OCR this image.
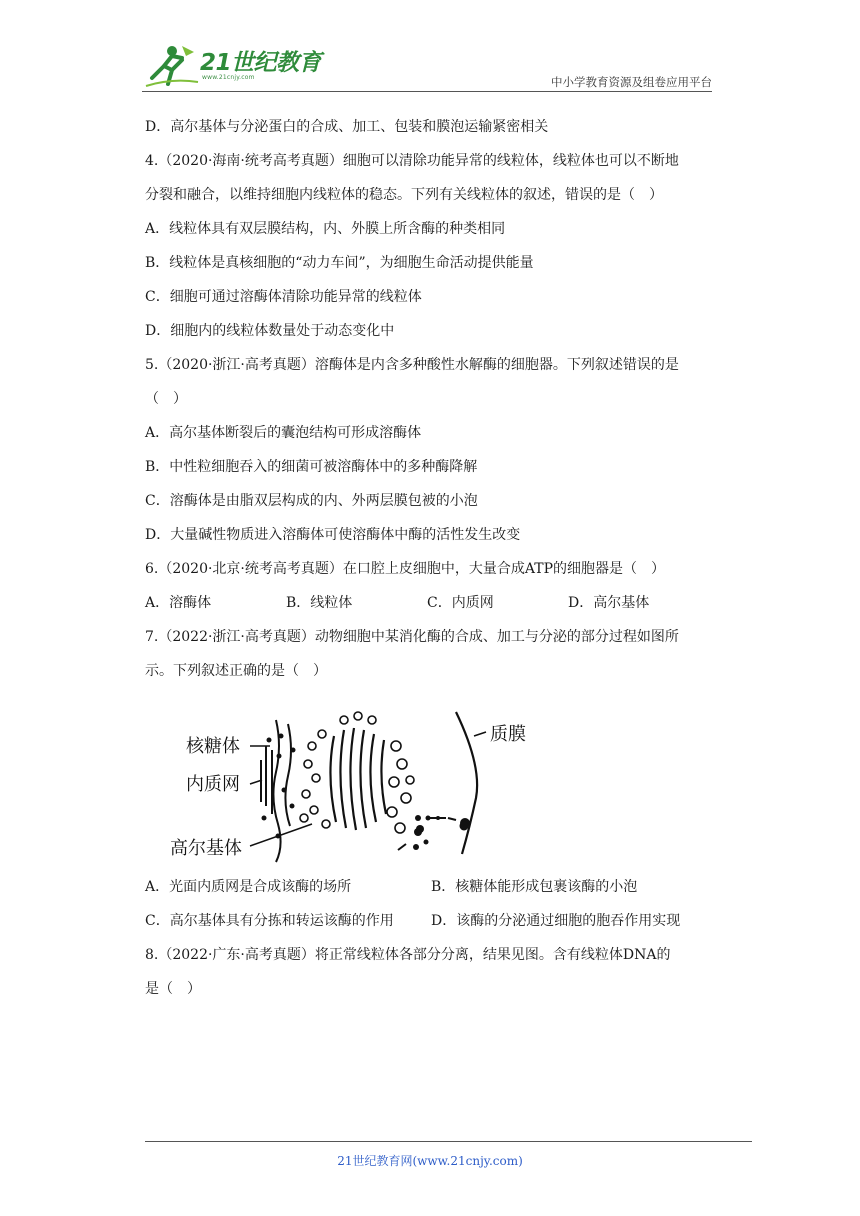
21世纪教育
www.21cnjy.com	中小学教育资源及组卷应用平台
D．高尔基体与分泌蛋白的合成、加工、包装和膜泡运输紧密相关
4.（2020·海南·统考高考真题）细胞可以清除功能异常的线粒体，线粒体也可以不断地
分裂和融合，以维持细胞内线粒体的稳态。下列有关线粒体的叙述，错误的是（　）
A．线粒体具有双层膜结构，内、外膜上所含酶的种类相同
B．线粒体是真核细胞的“动力车间”，为细胞生命活动提供能量
C．细胞可通过溶酶体清除功能异常的线粒体
D．细胞内的线粒体数量处于动态变化中
5.（2020·浙江·高考真题）溶酶体是内含多种酸性水解酶的细胞器。下列叙述错误的是
（　）
A．高尔基体断裂后的囊泡结构可形成溶酶体
B．中性粒细胞吞入的细菌可被溶酶体中的多种酶降解
C．溶酶体是由脂双层构成的内、外两层膜包被的小泡
D．大量碱性物质进入溶酶体可使溶酶体中酶的活性发生改变
6.（2020·北京·统考高考真题）在口腔上皮细胞中，大量合成ATP的细胞器是（　）
A．溶酶体	B．线粒体	C．内质网	D．高尔基体
7.（2022·浙江·高考真题）动物细胞中某消化酶的合成、加工与分泌的部分过程如图所
示。下列叙述正确的是（　）
A．光面内质网是合成该酶的场所	B．核糖体能形成包裹该酶的小泡
C．高尔基体具有分拣和转运该酶的作用	D．该酶的分泌通过细胞的胞吞作用实现
8.（2022·广东·高考真题）将正常线粒体各部分分离，结果见图。含有线粒体DNA的
是（　）
核糖体
内质网
高尔基体
质膜
21世纪教育网(www.21cnjy.com)
